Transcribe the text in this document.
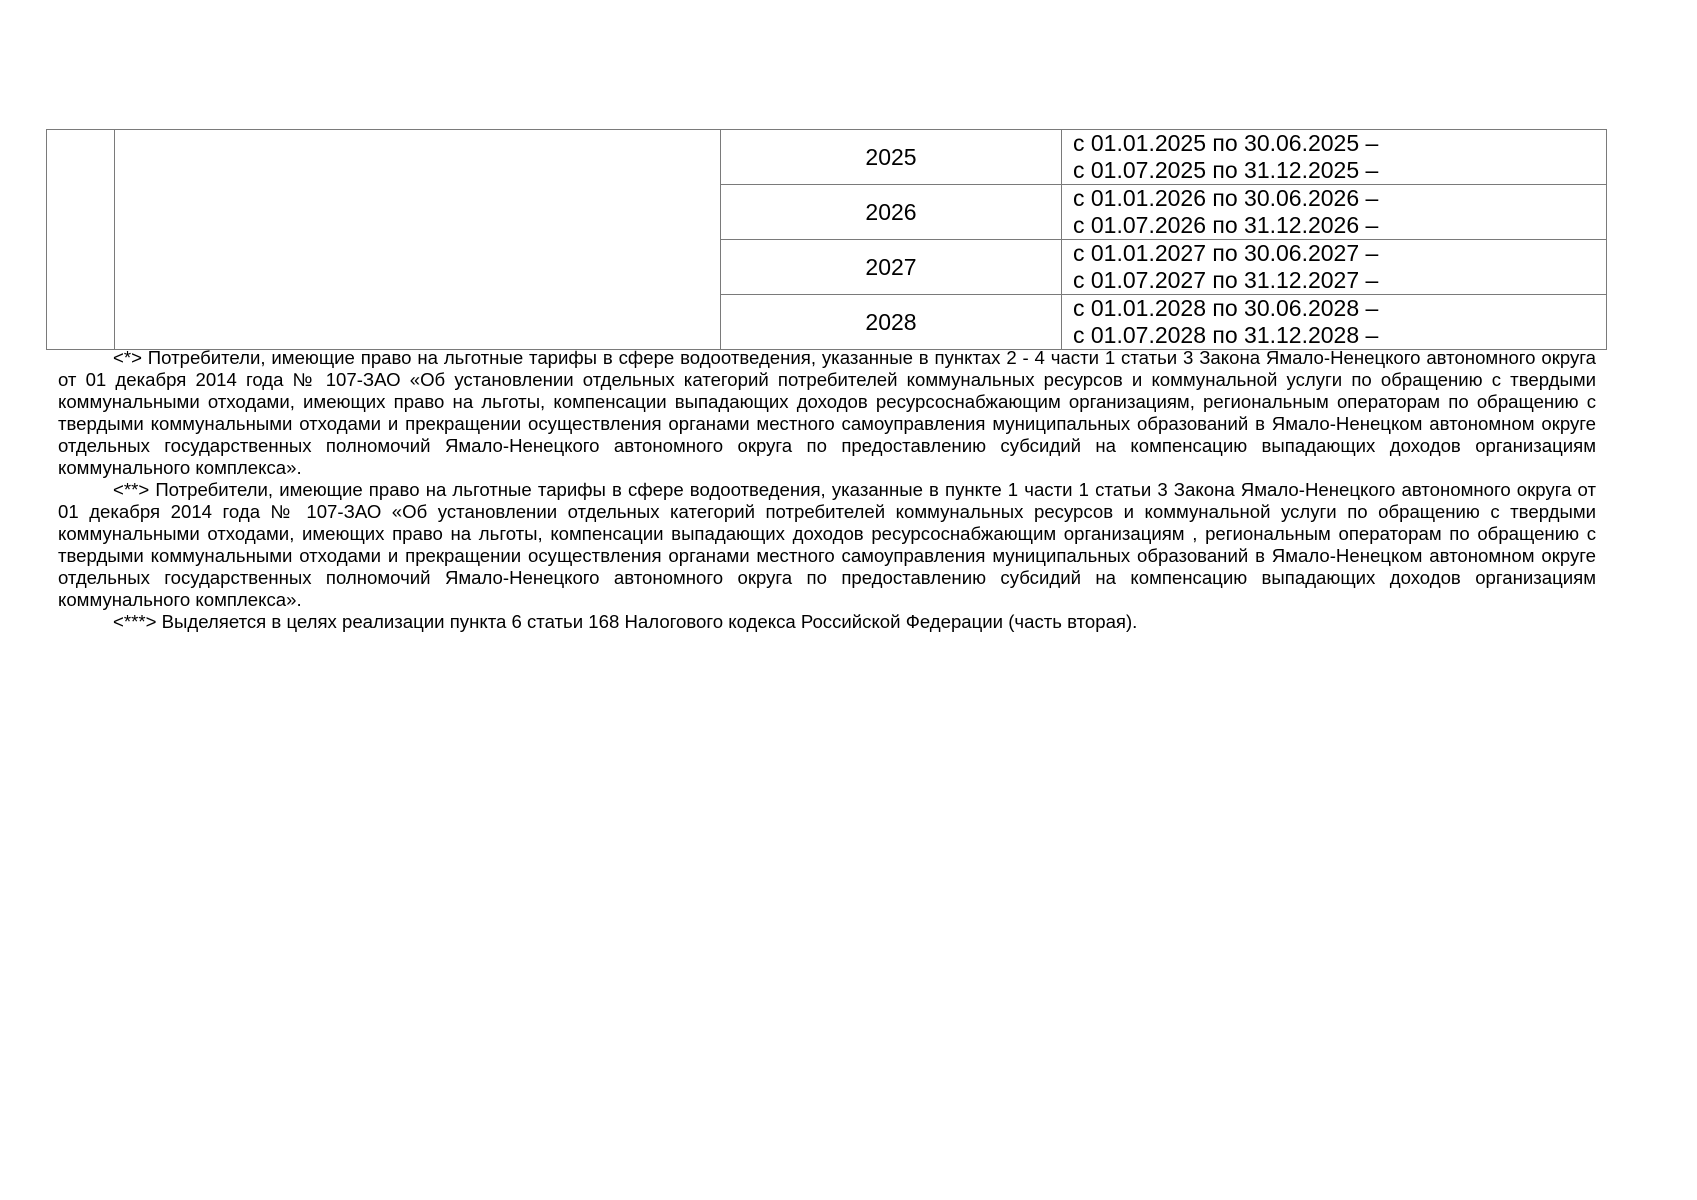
		2025	с 01.01.2025 по 30.06.2025 –
с 01.07.2025 по 31.12.2025 –

		2026	с 01.01.2026 по 30.06.2026 –
с 01.07.2026 по 31.12.2026 –

		2027	с 01.01.2027 по 30.06.2027 –
с 01.07.2027 по 31.12.2027 –

		2028	с 01.01.2028 по 30.06.2028 –
с 01.07.2028 по 31.12.2028 –

<*> Потребители, имеющие право на льготные тарифы в сфере водоотведения, указанные в пунктах 2 - 4 части 1 статьи 3 Закона Ямало-Ненецкого автономного округа от 01 декабря 2014 года № 107-ЗАО «Об установлении отдельных категорий потребителей коммунальных ресурсов и коммунальной услуги по обращению с твердыми коммунальными отходами, имеющих право на льготы, компенсации выпадающих доходов ресурсоснабжающим организациям, региональным операторам по обращению с твердыми коммунальными отходами и прекращении осуществления органами местного самоуправления муниципальных образований в Ямало-Ненецком автономном округе отдельных государственных полномочий Ямало-Ненецкого автономного округа по предоставлению субсидий на компенсацию выпадающих доходов организациям коммунального комплекса».

<**> Потребители, имеющие право на льготные тарифы в сфере водоотведения, указанные в пункте 1 части 1 статьи 3 Закона Ямало-Ненецкого автономного округа от 01 декабря 2014 года № 107-ЗАО «Об установлении отдельных категорий потребителей коммунальных ресурсов и коммунальной услуги по обращению с твердыми коммунальными отходами, имеющих право на льготы, компенсации выпадающих доходов ресурсоснабжающим организациям , региональным операторам по обращению с твердыми коммунальными отходами и прекращении осуществления органами местного самоуправления муниципальных образований в Ямало-Ненецком автономном округе отдельных государственных полномочий Ямало-Ненецкого автономного округа по предоставлению субсидий на компенсацию выпадающих доходов организациям коммунального комплекса».

<***> Выделяется в целях реализации пункта 6 статьи 168 Налогового кодекса Российской Федерации (часть вторая).
